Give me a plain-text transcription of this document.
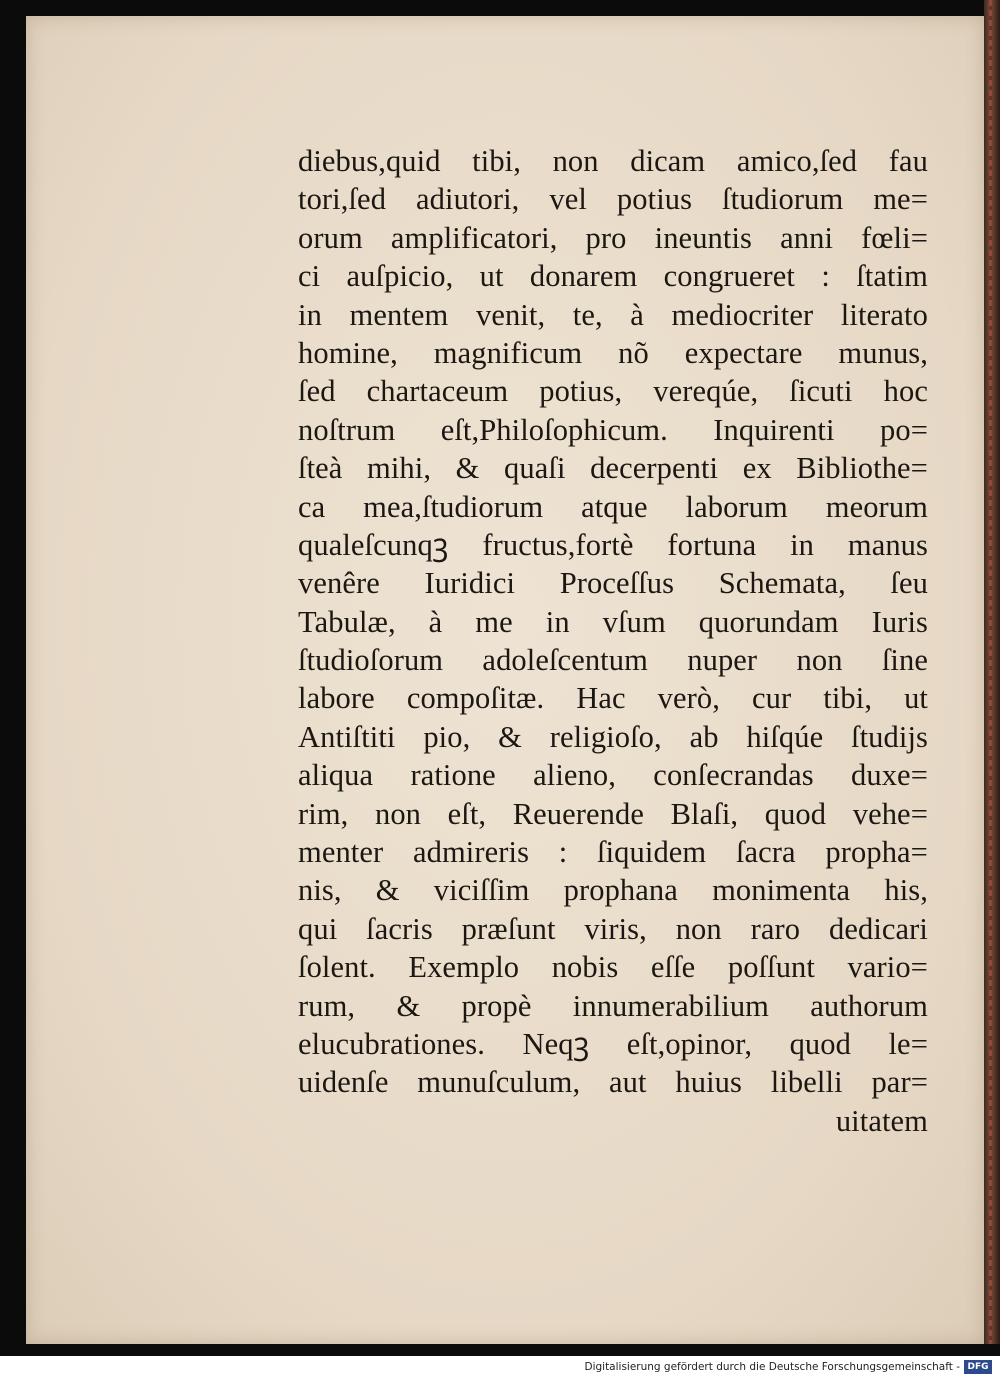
diebus,quid tibi, non dicam amico,ſed fau
tori,ſed adiutori, vel potius ſtudiorum me=
orum amplificatori, pro ineuntis anni fœli=
ci auſpicio, ut donarem congrueret : ſtatim
in mentem venit, te, à mediocriter literato
homine, magnificum nõ expectare munus,
ſed chartaceum potius, vereqúe, ſicuti hoc
noſtrum eſt,Philoſophicum. Inquirenti po=
ſteà mihi, & quaſi decerpenti ex Bibliothe=
ca mea,ſtudiorum atque laborum meorum
qualeſcunqꝫ fructus,fortè fortuna in manus
venêre Iuridici Proceſſus Schemata, ſeu
Tabulæ, à me in vſum quorundam Iuris
ſtudioſorum adoleſcentum nuper non ſine
labore compoſitæ. Hac verò, cur tibi, ut
Antiſtiti pio, & religioſo, ab hiſqúe ſtudijs
aliqua ratione alieno, conſecrandas duxe=
rim, non eſt, Reuerende Blaſi, quod vehe=
menter admireris : ſiquidem ſacra propha=
nis, & viciſſim prophana monimenta his,
qui ſacris præſunt viris, non raro dedicari
ſolent. Exemplo nobis eſſe poſſunt vario=
rum, & propè innumerabilium authorum
elucubrationes. Neqꝫ eſt,opinor, quod le=
uidenſe munuſculum, aut huius libelli par=
uitatem
Digitalisierung gefördert durch die Deutsche Forschungsgemeinschaft - DFG
